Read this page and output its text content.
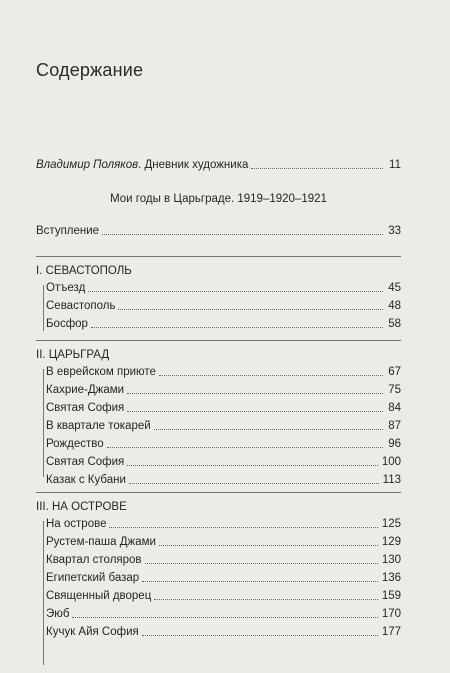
Содержание
Владимир Поляков. Дневник художника	11
Мои годы в Царьграде. 1919–1920–1921
Вступление	33
I. СЕВАСТОПОЛЬ
Отъезд	45
Севастополь	48
Босфор	58
II. ЦАРЬГРАД
В еврейском приюте	67
Кахрие-Джами	75
Святая София	84
В квартале токарей	87
Рождество	96
Святая София	100
Казак с Кубани	113
III. НА ОСТРОВЕ
На острове	125
Рустем-паша Джами	129
Квартал столяров	130
Египетский базар	136
Священный дворец	159
Эюб	170
Кучук Айя София	177
